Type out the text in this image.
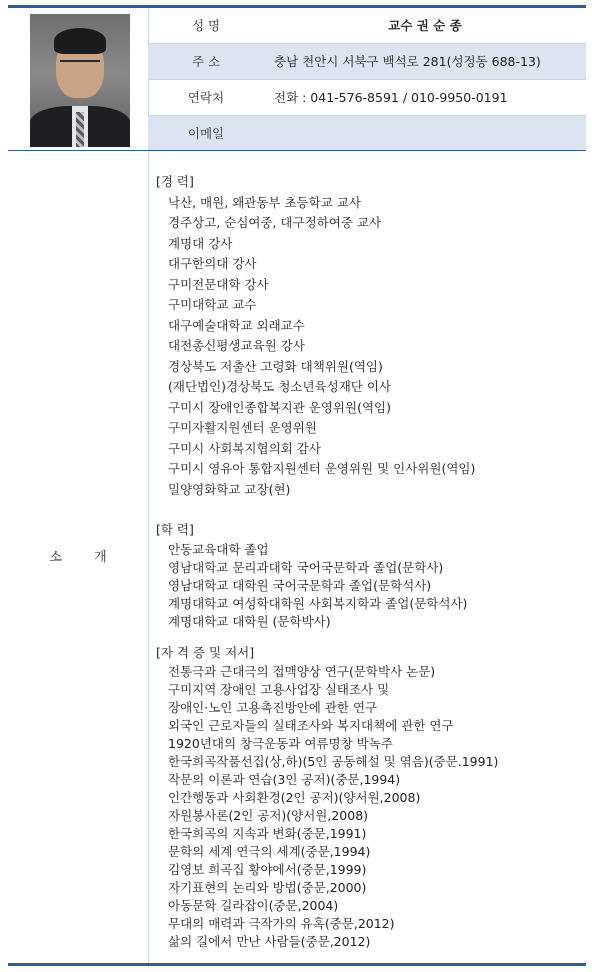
성 명	교수 권 순 종
주 소	충남 천안시 서북구 백석로 281(성정동 688-13)
연락처	전화 : 041-576-8591 / 010-9950-0191
이메일
소 개
[경 력]
낙산, 매원, 왜관동부 초등학교 교사
경주상고, 순심여중, 대구정하여중 교사
계명대 강사
대구한의대 강사
구미전문대학 강사
구미대학교 교수
대구예술대학교 외래교수
대전총신평생교육원 강사
경상북도 저출산 고령화 대책위원(역임)
(재단법인)경상북도 청소년육성재단 이사
구미시 장애인종합복지관 운영위원(역임)
구미자활지원센터 운영위원
구미시 사회복지협의회 감사
구미시 영유아 통합지원센터 운영위원 및 인사위원(역임)
밀양영화학교 교장(현)
[학 력]
안동교육대학 졸업
영남대학교 문리과대학 국어국문학과 졸업(문학사)
영남대학교 대학원 국어국문학과 졸업(문학석사)
계명대학교 여성학대학원 사회복지학과 졸업(문학석사)
계명대학교 대학원 (문학박사)
[자 격 증 및 저서]
전통극과 근대극의 접맥양상 연구(문학박사 논문)
구미지역 장애인 고용사업장 실태조사 및
장애인·노인 고용촉진방안에 관한 연구
외국인 근로자들의 실태조사와 복지대책에 관한 연구
1920년대의 창극운동과 여류명창 박녹주
한국희곡작품선집(상,하)(5인 공동해설 및 엮음)(중문.1991)
작문의 이론과 연습(3인 공저)(중문,1994)
인간행동과 사회환경(2인 공저)(양서원,2008)
자원봉사론(2인 공저)(양서원,2008)
한국희곡의 지속과 변화(중문,1991)
문학의 세계 연극의 세계(중문,1994)
김영보 희곡집 황야에서(중문,1999)
자기표현의 논리와 방법(중문,2000)
아동문학 길라잡이(중문,2004)
무대의 매력과 극작가의 유혹(중문,2012)
삶의 길에서 만난 사람들(중문,2012)
